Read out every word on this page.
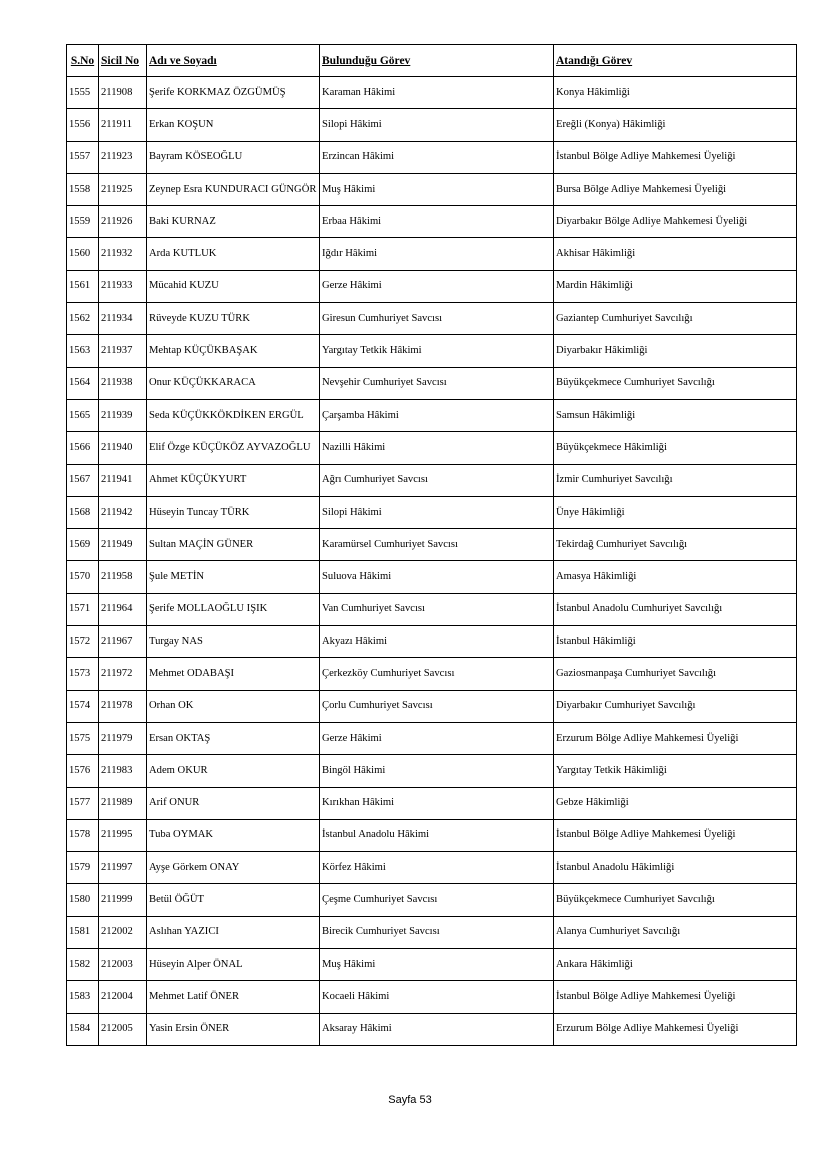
S.No	Sicil No	Adı ve Soyadı	Bulunduğu Görev	Atandığı Görev
1555	211908	Şerife KORKMAZ ÖZGÜMÜŞ	Karaman Hâkimi	Konya Hâkimliği
1556	211911	Erkan KOŞUN	Silopi Hâkimi	Ereğli (Konya) Hâkimliği
1557	211923	Bayram KÖSEOĞLU	Erzincan Hâkimi	İstanbul Bölge Adliye Mahkemesi Üyeliği
1558	211925	Zeynep Esra KUNDURACI GÜNGÖR	Muş Hâkimi	Bursa Bölge Adliye Mahkemesi Üyeliği
1559	211926	Baki KURNAZ	Erbaa Hâkimi	Diyarbakır Bölge Adliye Mahkemesi Üyeliği
1560	211932	Arda KUTLUK	Iğdır Hâkimi	Akhisar Hâkimliği
1561	211933	Mücahid KUZU	Gerze Hâkimi	Mardin Hâkimliği
1562	211934	Rüveyde KUZU TÜRK	Giresun Cumhuriyet Savcısı	Gaziantep Cumhuriyet Savcılığı
1563	211937	Mehtap KÜÇÜKBAŞAK	Yargıtay Tetkik Hâkimi	Diyarbakır Hâkimliği
1564	211938	Onur KÜÇÜKKARACA	Nevşehir Cumhuriyet Savcısı	Büyükçekmece Cumhuriyet Savcılığı
1565	211939	Seda KÜÇÜKKÖKDİKEN ERGÜL	Çarşamba Hâkimi	Samsun Hâkimliği
1566	211940	Elif Özge KÜÇÜKÖZ AYVAZOĞLU	Nazilli Hâkimi	Büyükçekmece Hâkimliği
1567	211941	Ahmet KÜÇÜKYURT	Ağrı Cumhuriyet Savcısı	İzmir Cumhuriyet Savcılığı
1568	211942	Hüseyin Tuncay TÜRK	Silopi Hâkimi	Ünye Hâkimliği
1569	211949	Sultan MAÇİN GÜNER	Karamürsel Cumhuriyet Savcısı	Tekirdağ Cumhuriyet Savcılığı
1570	211958	Şule METİN	Suluova Hâkimi	Amasya Hâkimliği
1571	211964	Şerife MOLLAOĞLU IŞIK	Van Cumhuriyet Savcısı	İstanbul Anadolu Cumhuriyet Savcılığı
1572	211967	Turgay NAS	Akyazı Hâkimi	İstanbul Hâkimliği
1573	211972	Mehmet ODABAŞI	Çerkezköy Cumhuriyet Savcısı	Gaziosmanpaşa Cumhuriyet Savcılığı
1574	211978	Orhan OK	Çorlu Cumhuriyet Savcısı	Diyarbakır Cumhuriyet Savcılığı
1575	211979	Ersan OKTAŞ	Gerze Hâkimi	Erzurum Bölge Adliye Mahkemesi Üyeliği
1576	211983	Adem OKUR	Bingöl Hâkimi	Yargıtay Tetkik Hâkimliği
1577	211989	Arif ONUR	Kırıkhan Hâkimi	Gebze Hâkimliği
1578	211995	Tuba OYMAK	İstanbul Anadolu Hâkimi	İstanbul Bölge Adliye Mahkemesi Üyeliği
1579	211997	Ayşe Görkem ONAY	Körfez Hâkimi	İstanbul Anadolu Hâkimliği
1580	211999	Betül ÖĞÜT	Çeşme Cumhuriyet Savcısı	Büyükçekmece Cumhuriyet Savcılığı
1581	212002	Aslıhan YAZICI	Birecik Cumhuriyet Savcısı	Alanya Cumhuriyet Savcılığı
1582	212003	Hüseyin Alper ÖNAL	Muş Hâkimi	Ankara Hâkimliği
1583	212004	Mehmet Latif ÖNER	Kocaeli Hâkimi	İstanbul Bölge Adliye Mahkemesi Üyeliği
1584	212005	Yasin Ersin ÖNER	Aksaray Hâkimi	Erzurum Bölge Adliye Mahkemesi Üyeliği
Sayfa 53
